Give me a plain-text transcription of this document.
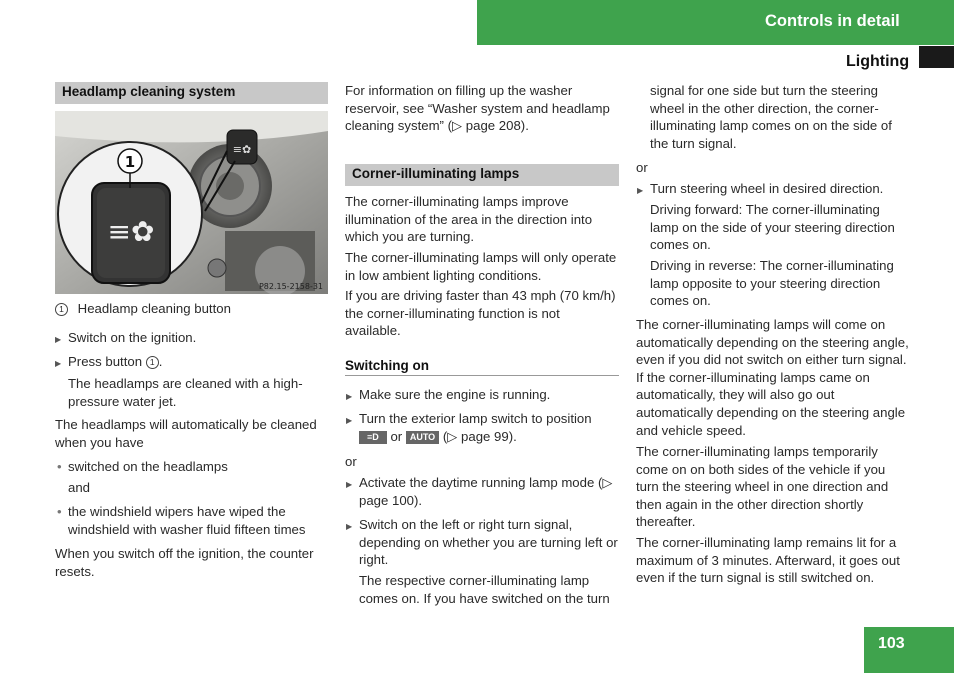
Controls in detail
Lighting
Headlamp cleaning system
≡✿
≡✿
1
P82.15-2158-31
1 Headlamp cleaning button
▶ Switch on the ignition.
▶ Press button 1 .
The headlamps are cleaned with a high-pressure water jet.
The headlamps will automatically be cleaned when you have
• switched on the headlamps
and
• the windshield wipers have wiped the windshield with washer fluid fifteen times
When you switch off the ignition, the counter resets.
For information on filling up the washer reservoir, see “Washer system and headlamp cleaning system” (▷ page 208).
Corner-illuminating lamps
The corner-illuminating lamps improve illumination of the area in the direction into which you are turning.
The corner-illuminating lamps will only operate in low ambient lighting conditions.
If you are driving faster than 43 mph (70 km/h) the corner-illuminating function is not available.
Switching on
▶ Make sure the engine is running.
▶ Turn the exterior lamp switch to position
≡D or AUTO (▷ page 99).
or
▶ Activate the daytime running lamp mode (▷ page 100).
▶ Switch on the left or right turn signal, depending on whether you are turning left or right.
The respective corner-illuminating lamp comes on. If you have switched on the turn
signal for one side but turn the steering wheel in the other direction, the corner-illuminating lamp comes on on the side of the turn signal.
or
▶ Turn steering wheel in desired direction.
Driving forward: The corner-illuminating lamp on the side of your steering direction comes on.
Driving in reverse: The corner-illuminating lamp opposite to your steering direction comes on.
The corner-illuminating lamps will come on automatically depending on the steering angle, even if you did not switch on either turn signal. If the corner-illuminating lamps came on automatically, they will also go out automatically depending on the steering angle and vehicle speed.
The corner-illuminating lamps temporarily come on on both sides of the vehicle if you turn the steering wheel in one direction and then again in the other direction shortly thereafter.
The corner-illuminating lamp remains lit for a maximum of 3 minutes. Afterward, it goes out even if the turn signal is still switched on.
103
